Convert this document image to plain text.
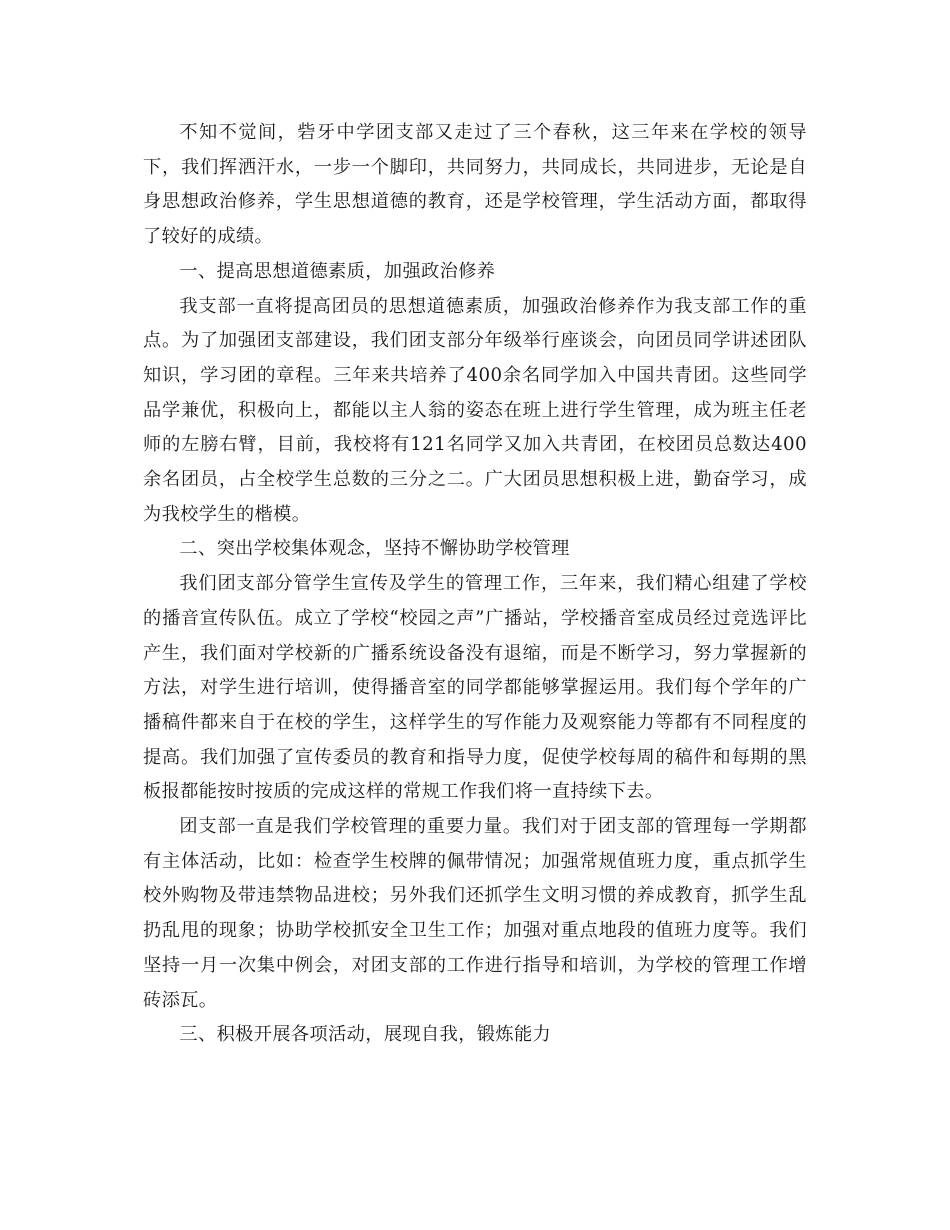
不知不觉间，砦牙中学团支部又走过了三个春秋，这三年来在学校的领导下，我们挥洒汗水，一步一个脚印，共同努力，共同成长，共同进步，无论是自身思想政治修养，学生思想道德的教育，还是学校管理，学生活动方面，都取得了较好的成绩。

一、提高思想道德素质，加强政治修养

我支部一直将提高团员的思想道德素质，加强政治修养作为我支部工作的重点。为了加强团支部建设，我们团支部分年级举行座谈会，向团员同学讲述团队知识，学习团的章程。三年来共培养了400余名同学加入中国共青团。这些同学品学兼优，积极向上，都能以主人翁的姿态在班上进行学生管理，成为班主任老师的左膀右臂，目前，我校将有121名同学又加入共青团，在校团员总数达400余名团员，占全校学生总数的三分之二。广大团员思想积极上进，勤奋学习，成为我校学生的楷模。

二、突出学校集体观念，坚持不懈协助学校管理

我们团支部分管学生宣传及学生的管理工作，三年来，我们精心组建了学校的播音宣传队伍。成立了学校“校园之声”广播站，学校播音室成员经过竞选评比产生，我们面对学校新的广播系统设备没有退缩，而是不断学习，努力掌握新的方法，对学生进行培训，使得播音室的同学都能够掌握运用。我们每个学年的广播稿件都来自于在校的学生，这样学生的写作能力及观察能力等都有不同程度的提高。我们加强了宣传委员的教育和指导力度，促使学校每周的稿件和每期的黑板报都能按时按质的完成这样的常规工作我们将一直持续下去。

团支部一直是我们学校管理的重要力量。我们对于团支部的管理每一学期都有主体活动，比如：检查学生校牌的佩带情况；加强常规值班力度，重点抓学生校外购物及带违禁物品进校；另外我们还抓学生文明习惯的养成教育，抓学生乱扔乱甩的现象；协助学校抓安全卫生工作；加强对重点地段的值班力度等。我们坚持一月一次集中例会，对团支部的工作进行指导和培训，为学校的管理工作增砖添瓦。

三、积极开展各项活动，展现自我，锻炼能力
